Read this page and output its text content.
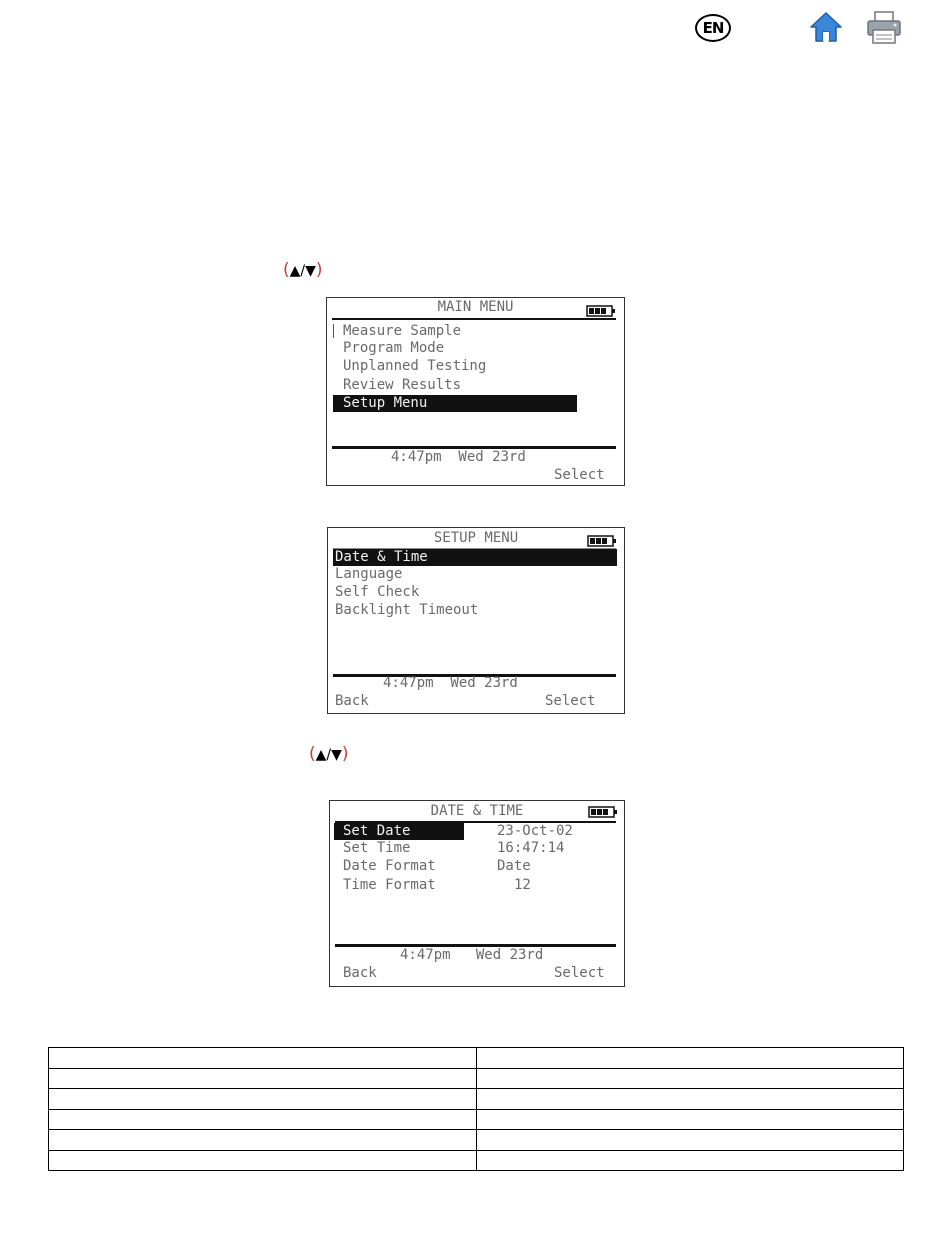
EN
(▲/▼)
MAIN MENU
Measure Sample
Program Mode
Unplanned Testing
Review Results
Setup Menu
4:47pm  Wed 23rd
Select
SETUP MENU
Date & Time
Language
Self Check
Backlight Timeout
4:47pm  Wed 23rd
Back	Select
(▲/▼)
DATE & TIME
Set Date	23-Oct-02
Set Time	16:47:14
Date Format	Date
Time Format	12
4:47pm   Wed 23rd
Back	Select
